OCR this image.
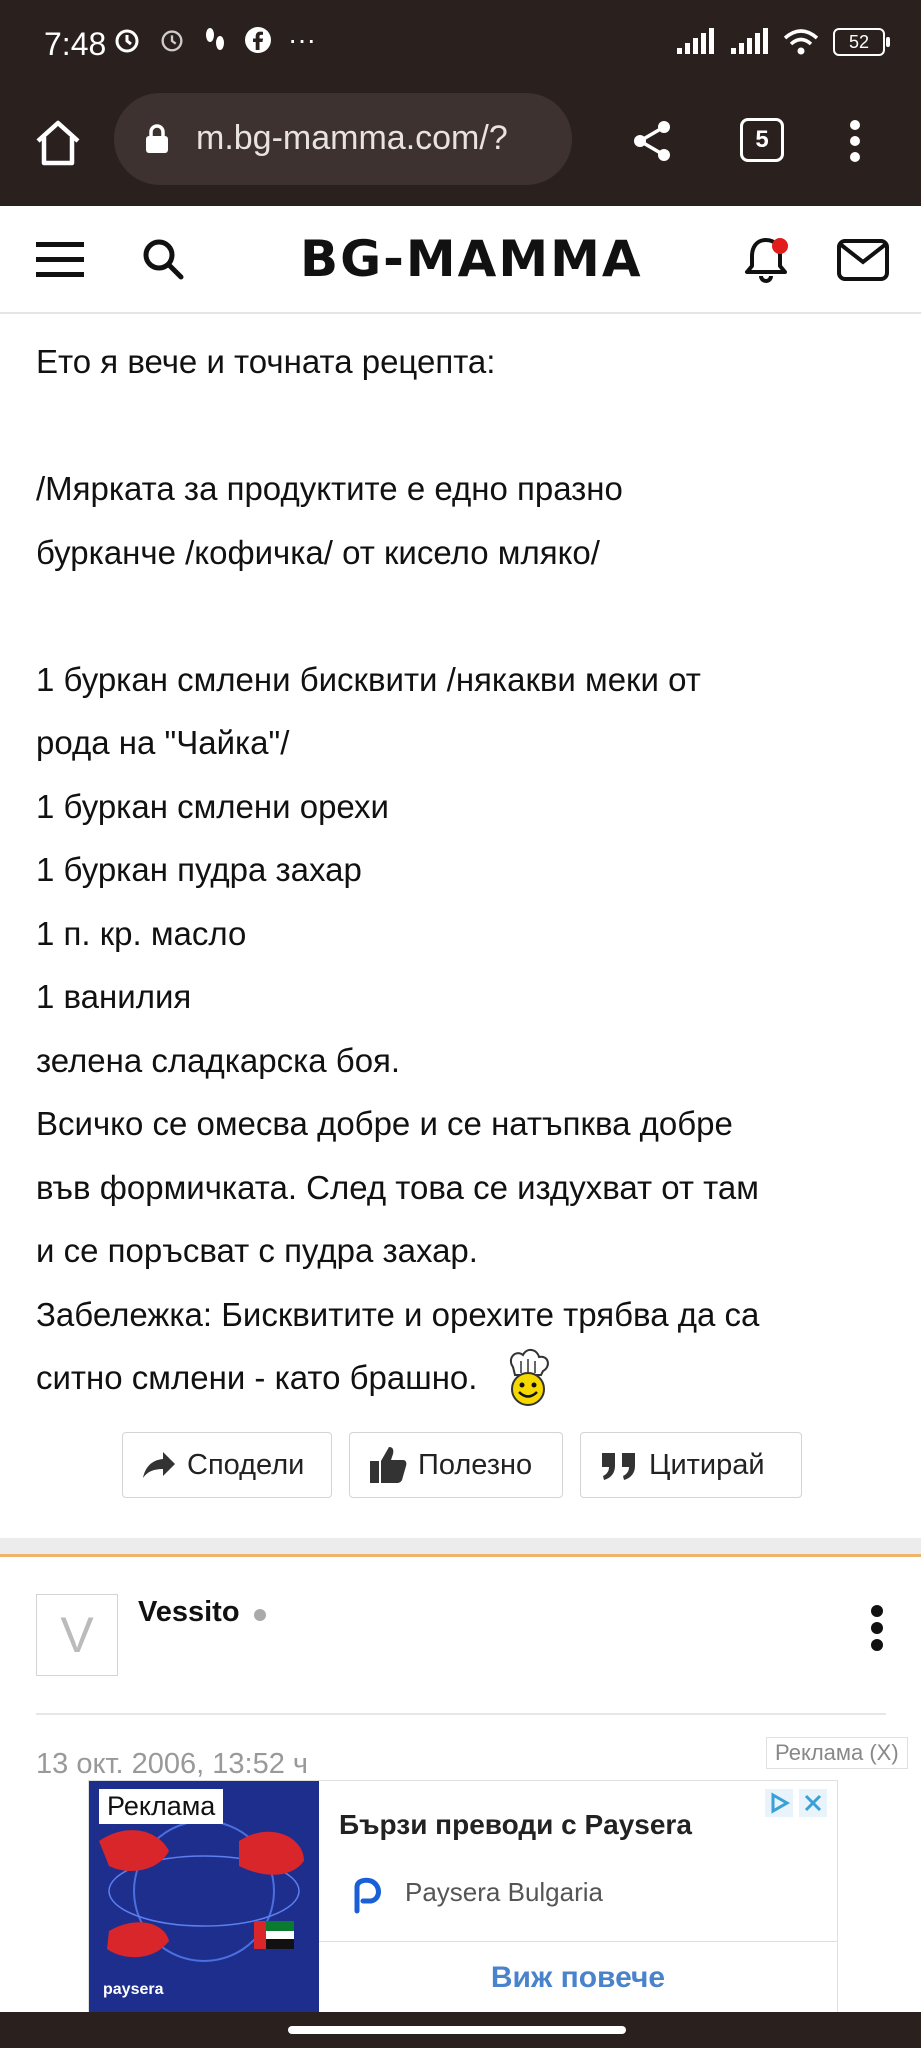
7:48	···	52
m.bg-mamma.com/?	5
BG-MAMMA

Ето я вече и точната рецепта:

/Мярката за продуктите е едно празно

бурканче /кофичка/ от кисело мляко/

1 буркан смлени бисквити /някакви меки от

рода на "Чайка"/

1 буркан смлени орехи

1 буркан пудра захар

1 п. кр. масло

1 ванилия

зелена сладкарска боя.

Всичко се омесва добре и се натъпква добре

във формичката. След това се издухват от там

и се поръсват с пудра захар.

Забележка: Бисквитите и орехите трябва да са

ситно смлени - като брашно.

Сподели	Полезно	Цитирай
V	Vessito
13 окт. 2006, 13:52 ч	Реклама (X)
Реклама
paysera
Бързи преводи с Paysera
Paysera Bulgaria
Виж повече
